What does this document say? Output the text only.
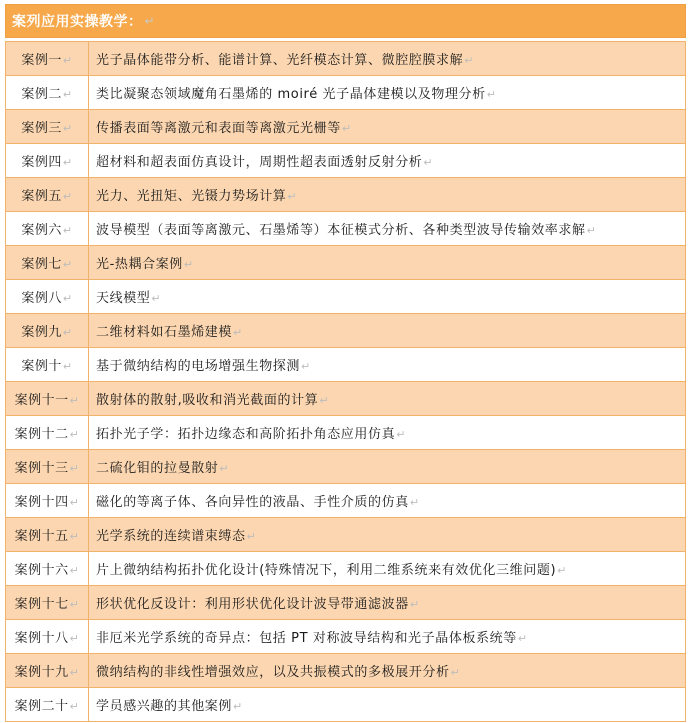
案列应用实操教学： ↵
案例一↵	光子晶体能带分析、能谱计算、光纤模态计算、微腔腔膜求解↵
案例二↵	类比凝聚态领域魔角石墨烯的 moiré 光子晶体建模以及物理分析↵
案例三↵	传播表面等离激元和表面等离激元光栅等↵
案例四↵	超材料和超表面仿真设计，周期性超表面透射反射分析↵
案例五↵	光力、光扭矩、光镊力势场计算↵
案例六↵	波导模型（表面等离激元、石墨烯等）本征模式分析、各种类型波导传输效率求解↵
案例七↵	光-热耦合案例↵
案例八↵	天线模型↵
案例九↵	二维材料如石墨烯建模↵
案例十↵	基于微纳结构的电场增强生物探测↵
案例十一↵	散射体的散射,吸收和消光截面的计算↵
案例十二↵	拓扑光子学：拓扑边缘态和高阶拓扑角态应用仿真↵
案例十三↵	二硫化钼的拉曼散射↵
案例十四↵	磁化的等离子体、各向异性的液晶、手性介质的仿真↵
案例十五↵	光学系统的连续谱束缚态↵
案例十六↵	片上微纳结构拓扑优化设计(特殊情况下，利用二维系统来有效优化三维问题)↵
案例十七↵	形状优化反设计：利用形状优化设计波导带通滤波器↵
案例十八↵	非厄米光学系统的奇异点：包括 PT 对称波导结构和光子晶体板系统等↵
案例十九↵	微纳结构的非线性增强效应，以及共振模式的多极展开分析↵
案例二十↵	学员感兴趣的其他案例↵
